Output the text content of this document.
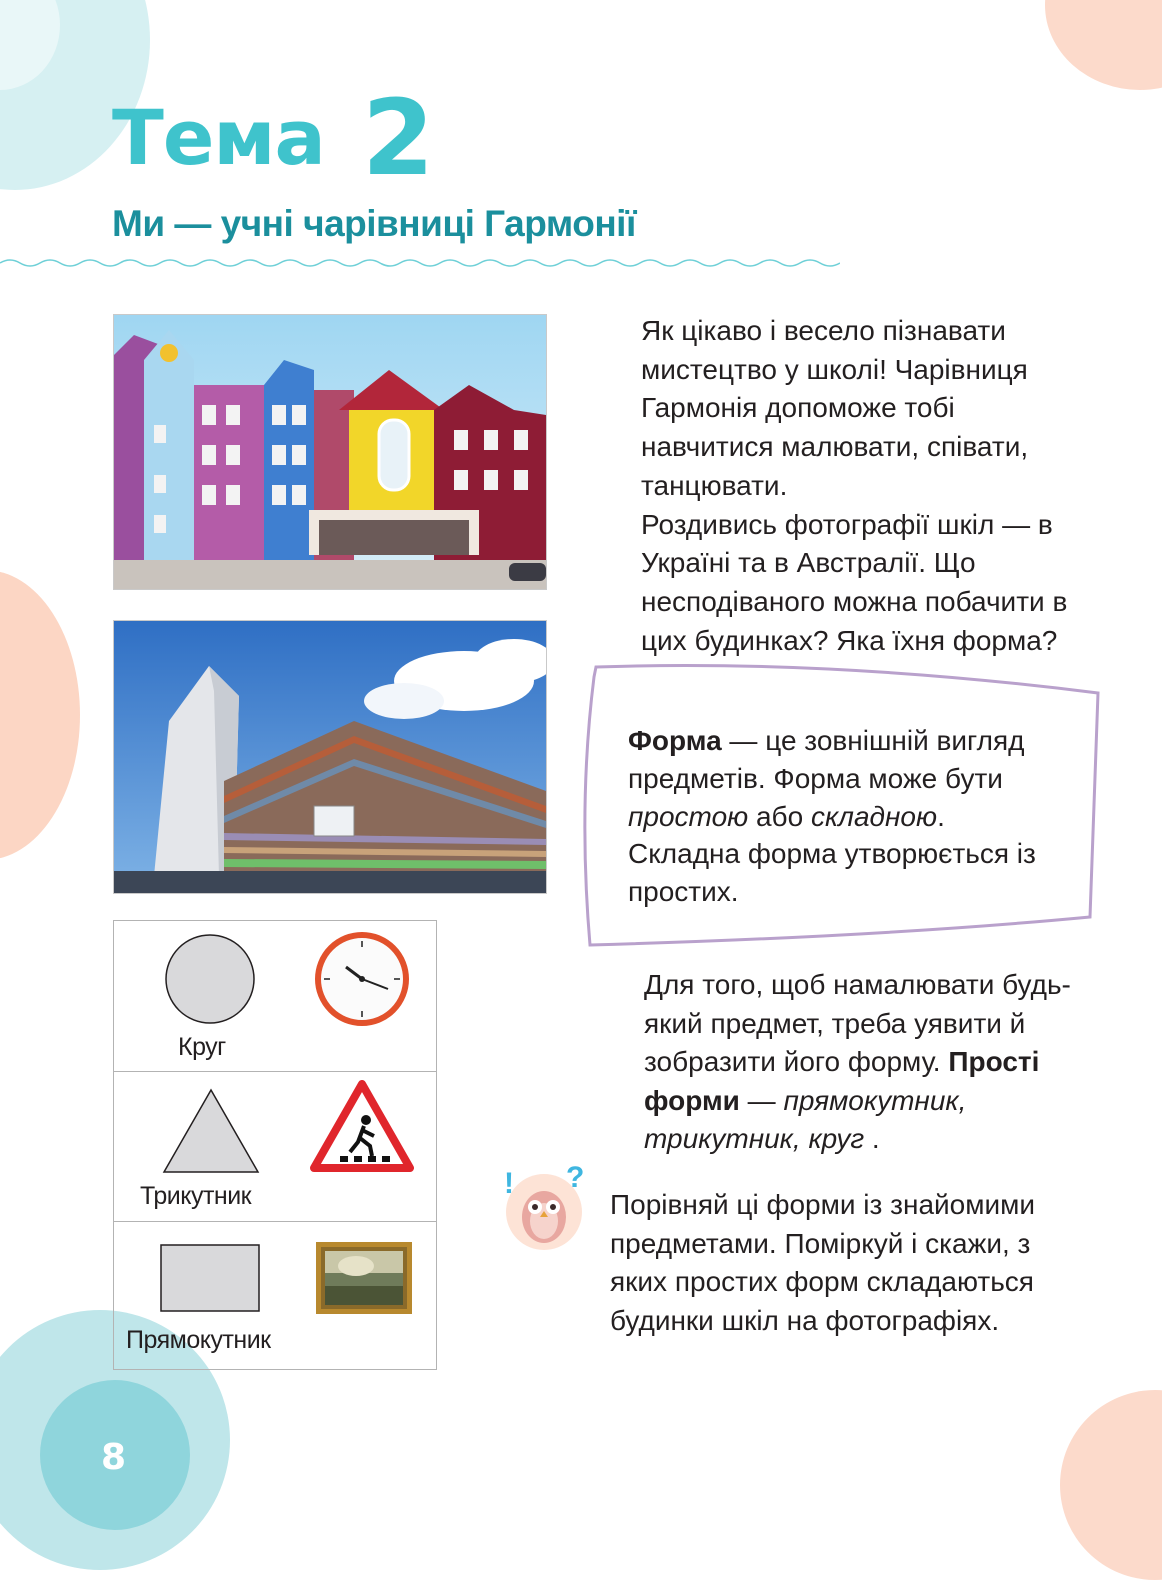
Тема 2
Ми — учні чарівниці Гармонії

Як цікаво і весело пізнавати мистецтво у школі! Чарівниця Гармонія допоможе тобі навчитися малювати, співати, танцювати.

Роздивись фотографії шкіл — в Україні та в Австралії. Що несподіваного можна побачити в цих будинках? Яка їхня форма?

Форма — це зовнішній вигляд предметів. Форма може бути простою або складною. Складна форма утворюється із простих.

Для того, щоб намалювати будь-який предмет, треба уявити й зобразити його форму. Прості форми — прямокутник, трикутник, круг .

! ?

Порівняй ці форми із знайомими предметами. Поміркуй і скажи, з яких простих форм складаються будинки шкіл на фотографіях.

Круг
Трикутник
Прямокутник
8
